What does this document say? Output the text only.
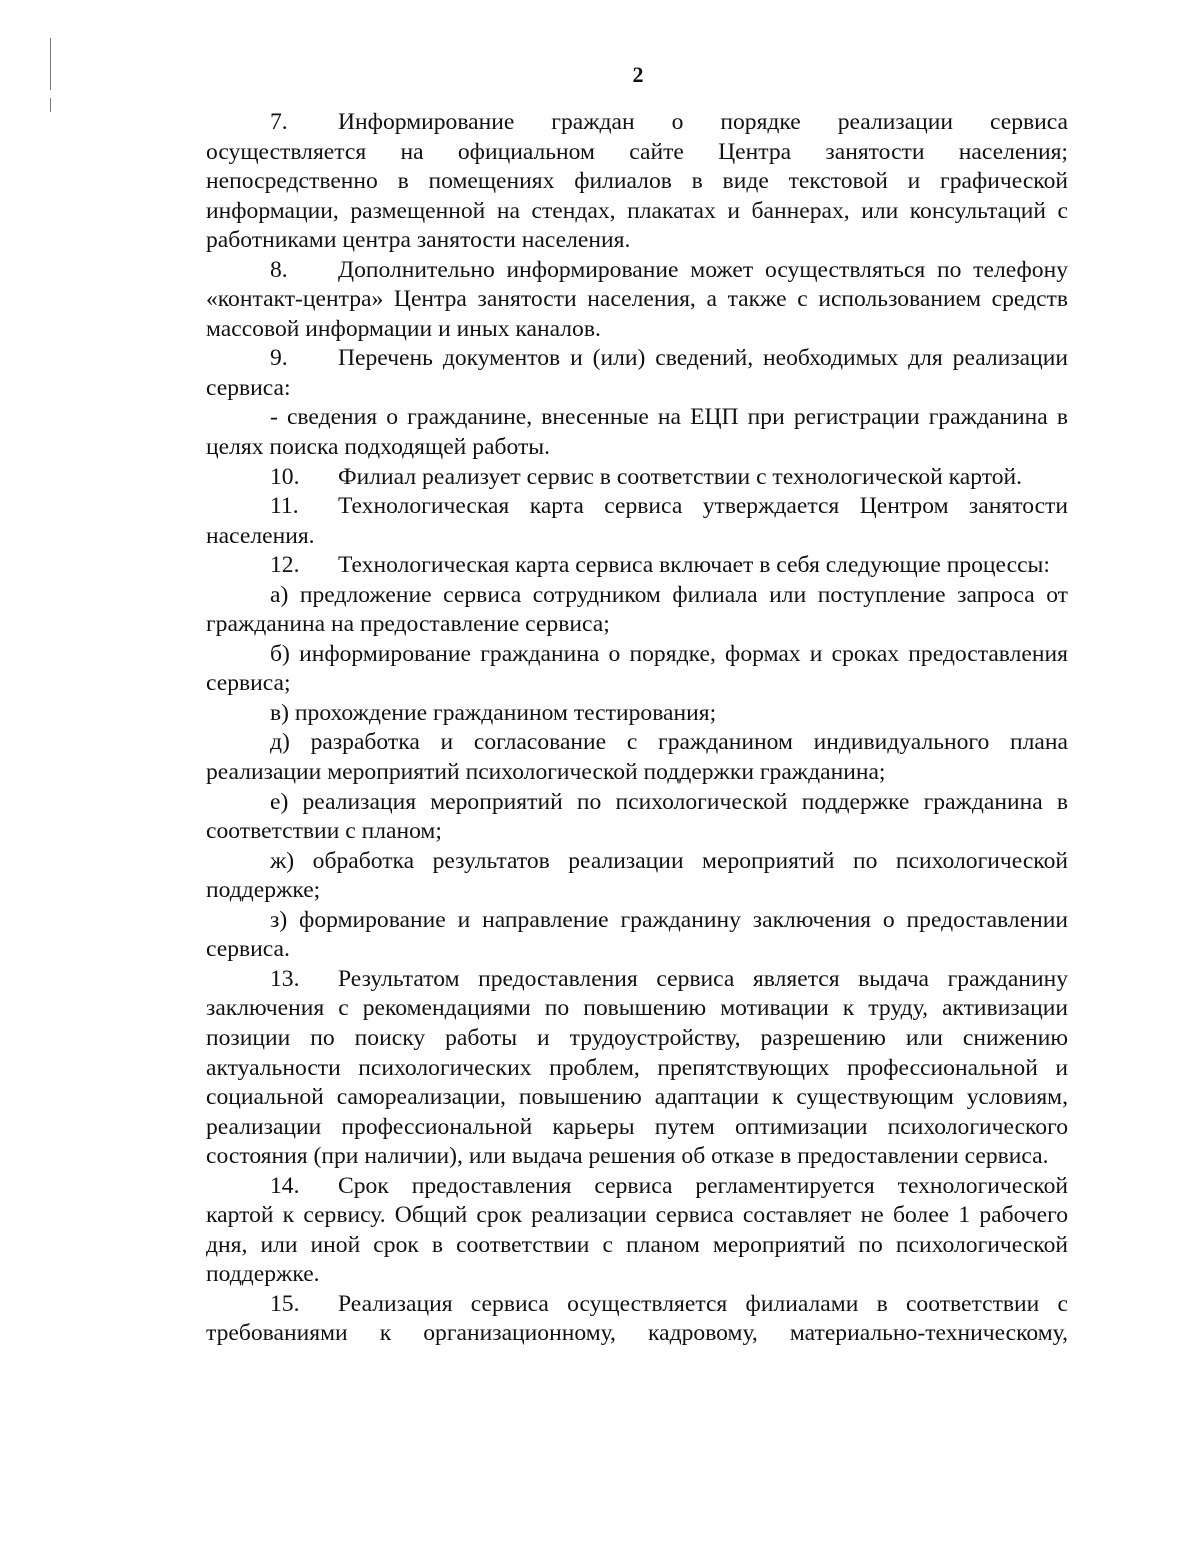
2

7. Информирование граждан о порядке реализации сервиса осуществляется на официальном сайте Центра занятости населения; непосредственно в помещениях филиалов в виде текстовой и графической информации, размещенной на стендах, плакатах и баннерах, или консультаций с работниками центра занятости населения.

8. Дополнительно информирование может осуществляться по телефону «контакт-центра» Центра занятости населения, а также с использованием средств массовой информации и иных каналов.

9. Перечень документов и (или) сведений, необходимых для реализации сервиса:

- сведения о гражданине, внесенные на ЕЦП при регистрации гражданина в целях поиска подходящей работы.

10. Филиал реализует сервис в соответствии с технологической картой.

11. Технологическая карта сервиса утверждается Центром занятости населения.

12. Технологическая карта сервиса включает в себя следующие процессы:

а) предложение сервиса сотрудником филиала или поступление запроса от гражданина на предоставление сервиса;

б) информирование гражданина о порядке, формах и сроках предоставления сервиса;

в) прохождение гражданином тестирования;

д) разработка и согласование с гражданином индивидуального плана реализации мероприятий психологической поддержки гражданина;

е) реализация мероприятий по психологической поддержке гражданина в соответствии с планом;

ж) обработка результатов реализации мероприятий по психологической поддержке;

з) формирование и направление гражданину заключения о предоставлении сервиса.

13. Результатом предоставления сервиса является выдача гражданину заключения с рекомендациями по повышению мотивации к труду, активизации позиции по поиску работы и трудоустройству, разрешению или снижению актуальности психологических проблем, препятствующих профессиональной и социальной самореализации, повышению адаптации к существующим условиям, реализации профессиональной карьеры путем оптимизации психологического состояния (при наличии), или выдача решения об отказе в предоставлении сервиса.

14. Срок предоставления сервиса регламентируется технологической картой к сервису. Общий срок реализации сервиса составляет не более 1 рабочего дня, или иной срок в соответствии с планом мероприятий по психологической поддержке.

15. Реализация сервиса осуществляется филиалами в соответствии с требованиями к организационному, кадровому, материально-техническому,
